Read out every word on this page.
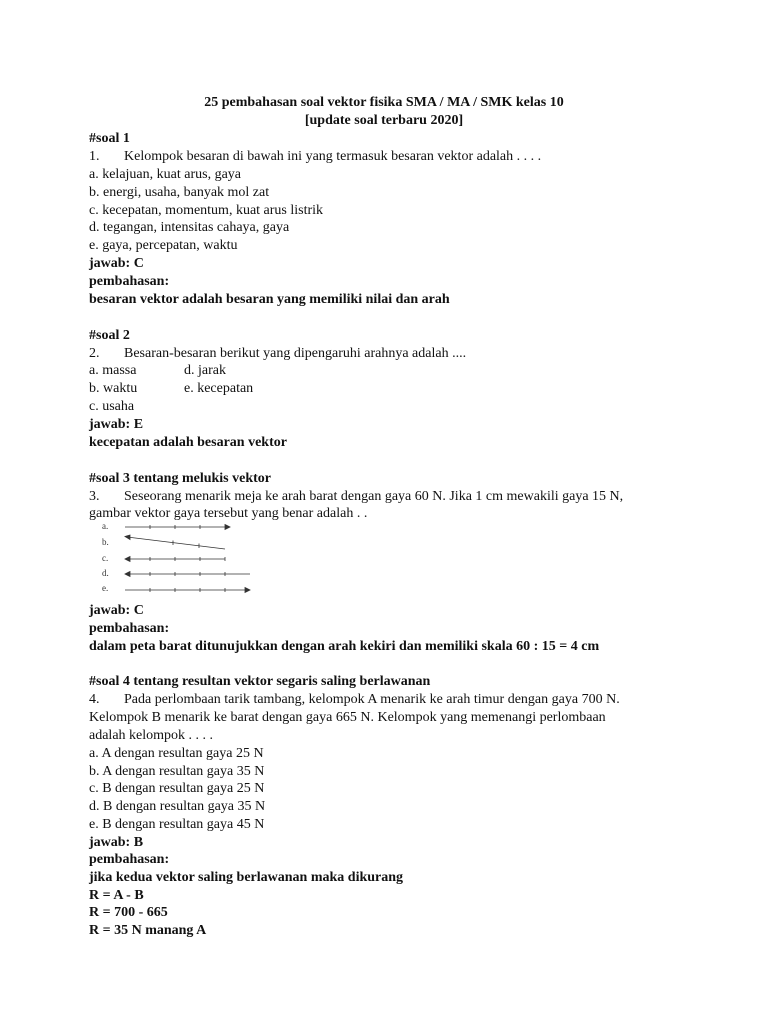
25 pembahasan soal vektor fisika SMA / MA / SMK kelas 10
[update soal terbaru 2020]
#soal 1
1. Kelompok besaran di bawah ini yang termasuk besaran vektor adalah . . . .
a. kelajuan, kuat arus, gaya
b. energi, usaha, banyak mol zat
c. kecepatan, momentum, kuat arus listrik
d. tegangan, intensitas cahaya, gaya
e. gaya, percepatan, waktu
jawab: C
pembahasan:
besaran vektor adalah besaran yang memiliki nilai dan arah
#soal 2
2. Besaran-besaran berikut yang dipengaruhi arahnya adalah ....
a. massa	d. jarak
b. waktu	e. kecepatan
c. usaha
jawab: E
kecepatan adalah besaran vektor
#soal 3 tentang melukis vektor
3. Seseorang menarik meja ke arah barat dengan gaya 60 N. Jika 1 cm mewakili gaya 15 N,
gambar vektor gaya tersebut yang benar adalah . .
a.
b.
c.
d.
e.
jawab: C
pembahasan:
dalam peta barat ditunujukkan dengan arah kekiri dan memiliki skala 60 : 15 = 4 cm
#soal 4 tentang resultan vektor segaris saling berlawanan
4. Pada perlombaan tarik tambang, kelompok A menarik ke arah timur dengan gaya 700 N.
Kelompok B menarik ke barat dengan gaya 665 N. Kelompok yang memenangi perlombaan
adalah kelompok . . . .
a. A dengan resultan gaya 25 N
b. A dengan resultan gaya 35 N
c. B dengan resultan gaya 25 N
d. B dengan resultan gaya 35 N
e. B dengan resultan gaya 45 N
jawab: B
pembahasan:
jika kedua vektor saling berlawanan maka dikurang
R = A - B
R = 700 - 665
R = 35 N manang A
